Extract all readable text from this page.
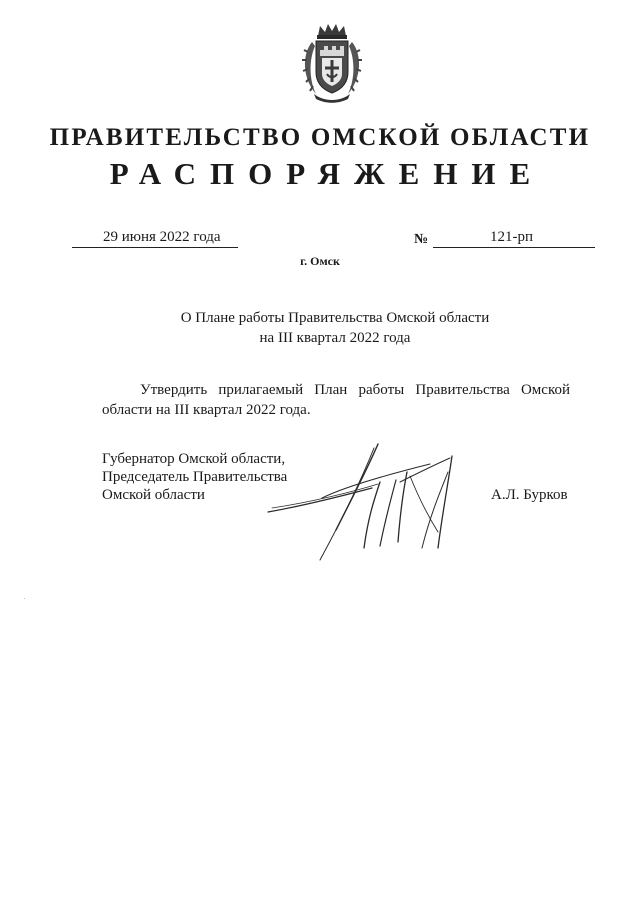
ПРАВИТЕЛЬСТВО ОМСКОЙ ОБЛАСТИ
РАСПОРЯЖЕНИЕ
29 июня 2022 года	№	121-рп
г. Омск
О Плане работы Правительства Омской области
на III квартал 2022 года
Утвердить прилагаемый План работы Правительства Омской области на III квартал 2022 года.
Губернатор Омской области,
Председатель Правительства
Омской области	А.Л. Бурков
